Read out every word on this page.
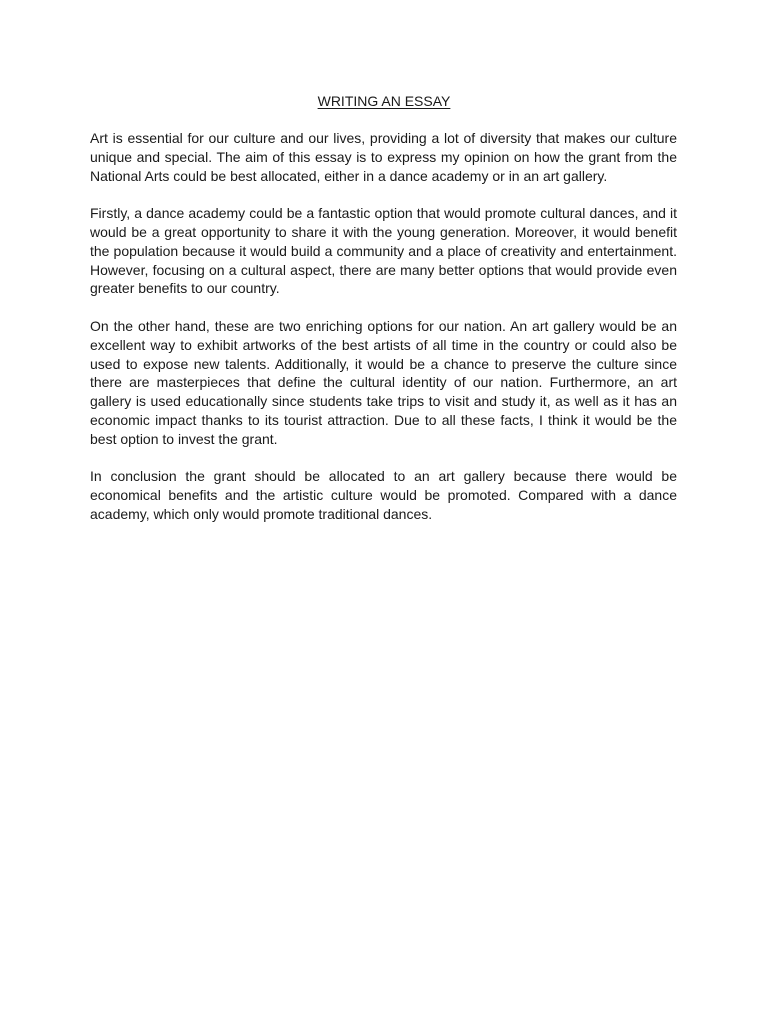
WRITING AN ESSAY

Art is essential for our culture and our lives, providing a lot of diversity that makes our culture unique and special. The aim of this essay is to express my opinion on how the grant from the National Arts could be best allocated, either in a dance academy or in an art gallery.

Firstly, a dance academy could be a fantastic option that would promote cultural dances, and it would be a great opportunity to share it with the young generation. Moreover, it would benefit the population because it would build a community and a place of creativity and entertainment. However, focusing on a cultural aspect, there are many better options that would provide even greater benefits to our country.

On the other hand, these are two enriching options for our nation. An art gallery would be an excellent way to exhibit artworks of the best artists of all time in the country or could also be used to expose new talents. Additionally, it would be a chance to preserve the culture since there are masterpieces that define the cultural identity of our nation. Furthermore, an art gallery is used educationally since students take trips to visit and study it, as well as it has an economic impact thanks to its tourist attraction. Due to all these facts, I think it would be the best option to invest the grant.

In conclusion the grant should be allocated to an art gallery because there would be economical benefits and the artistic culture would be promoted. Compared with a dance academy, which only would promote traditional dances.
